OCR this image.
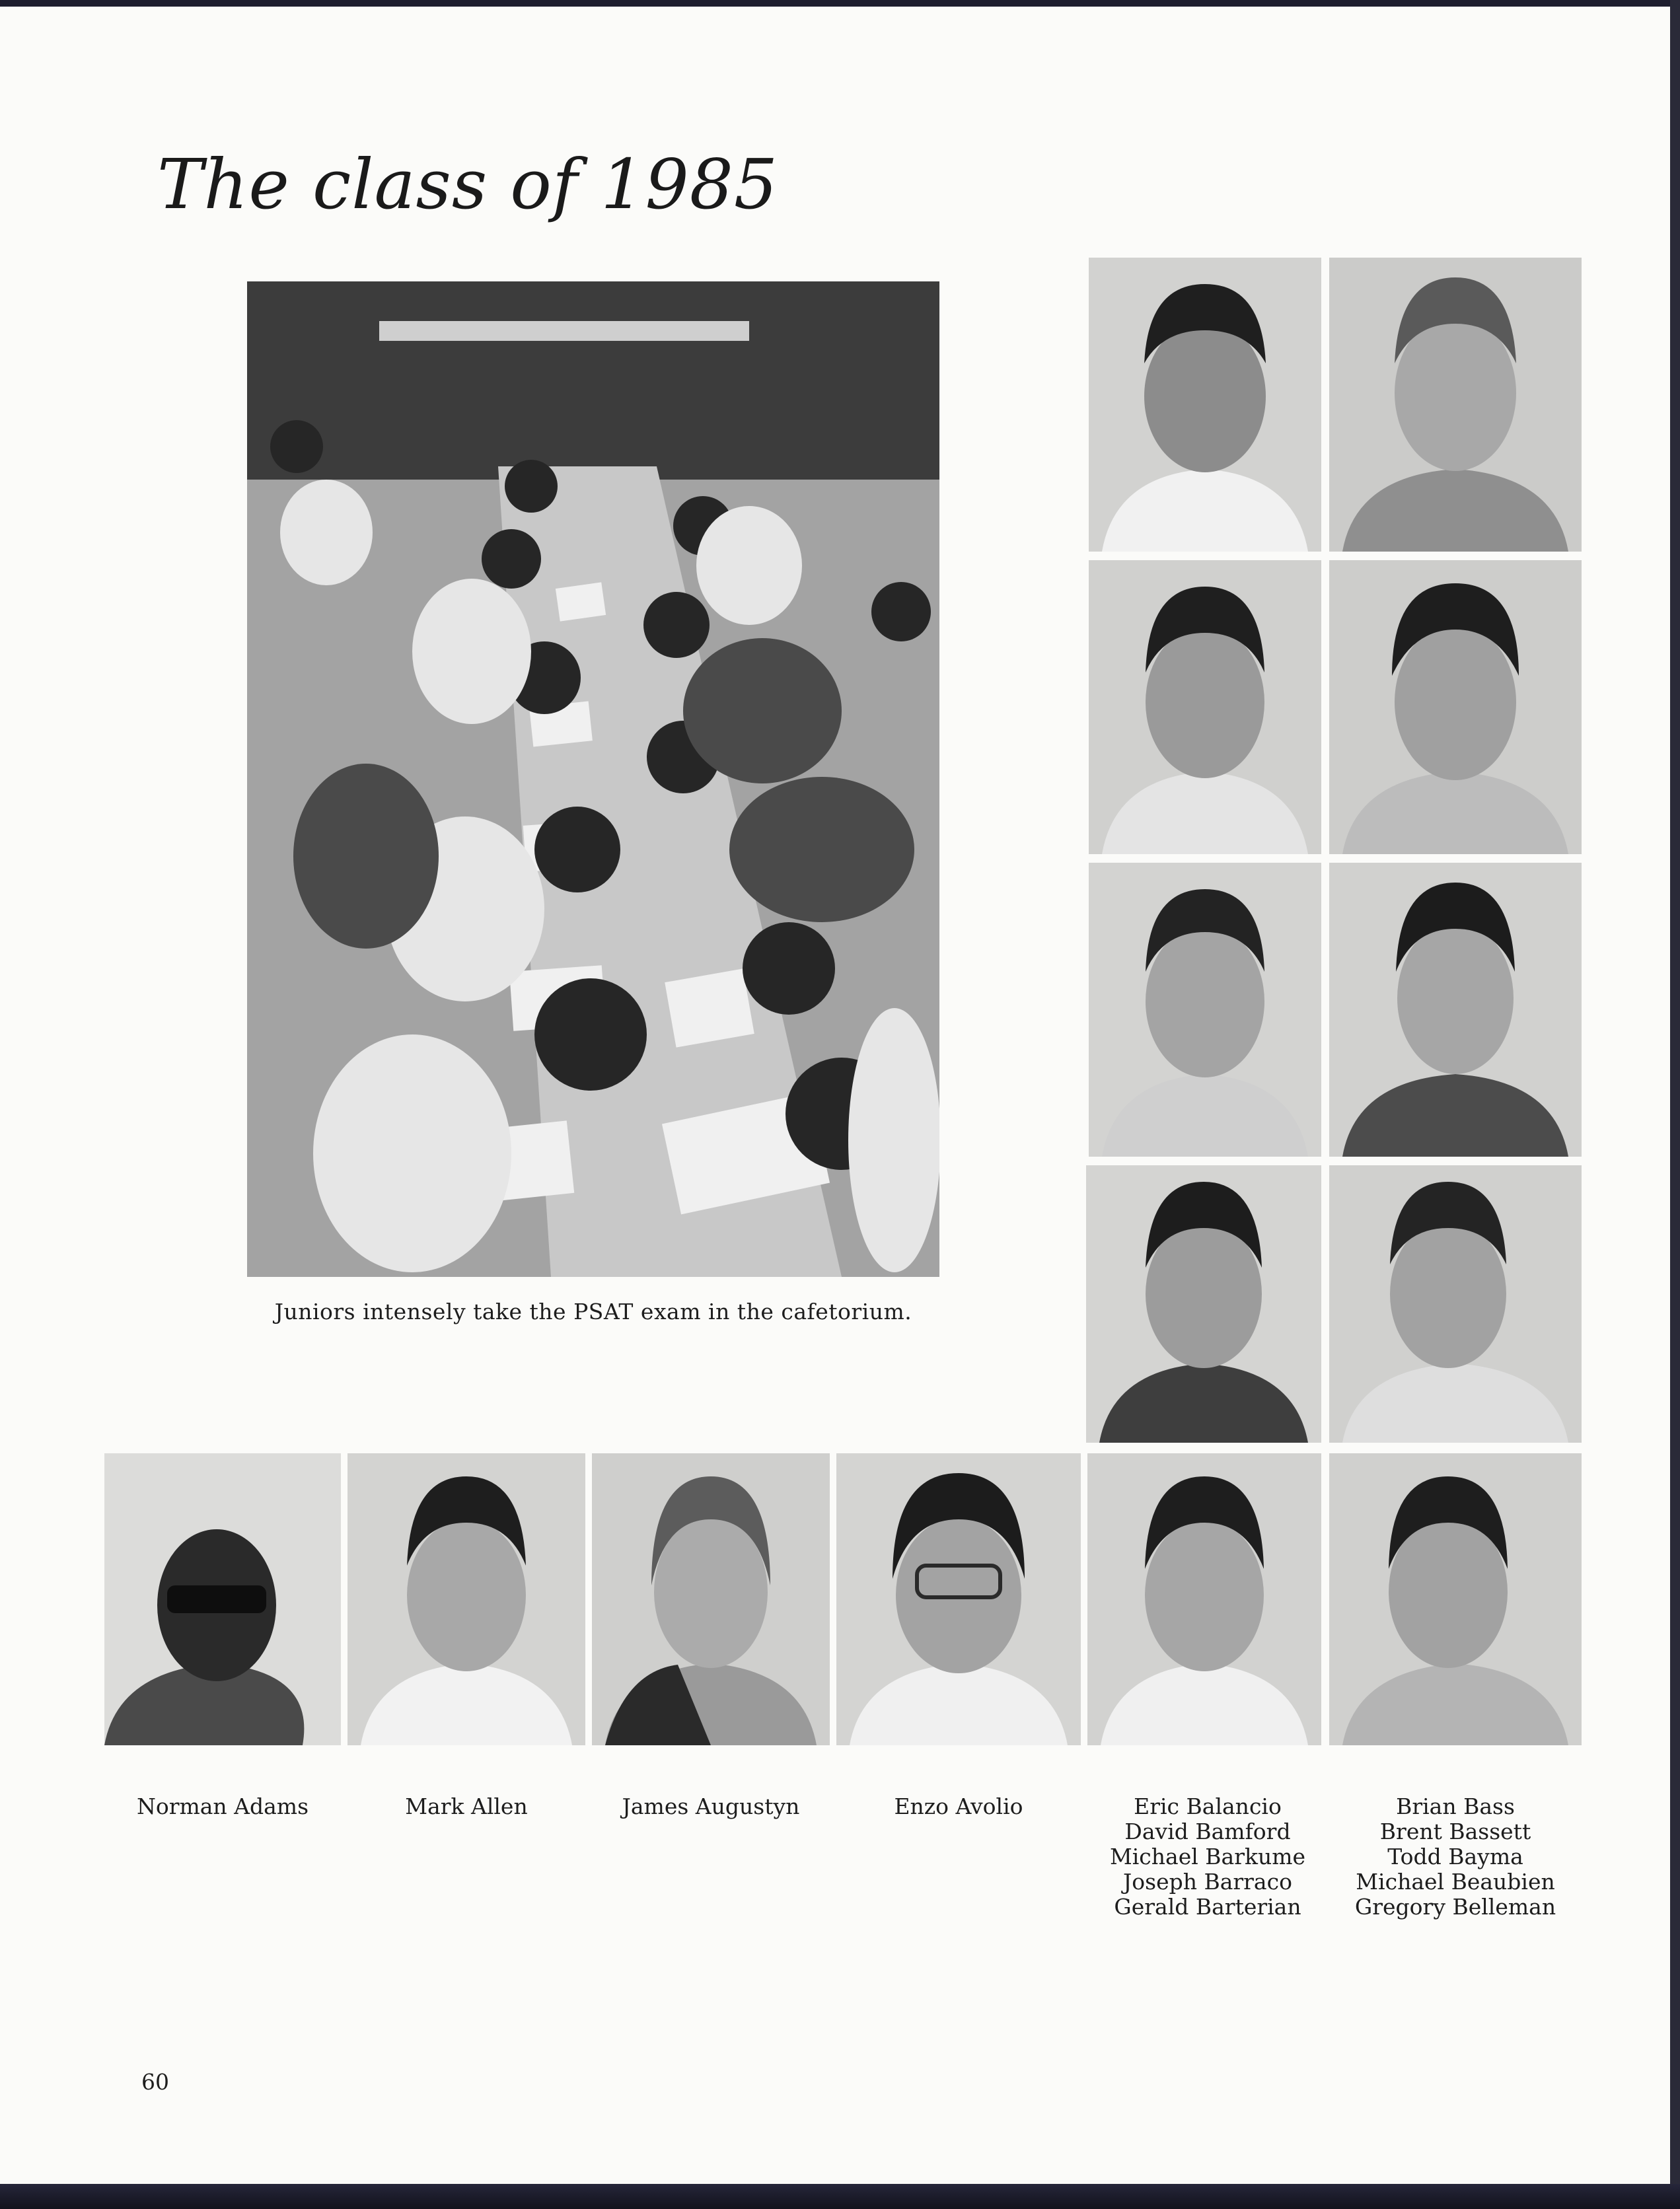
The class of 1985
Juniors intensely take the PSAT exam in the cafetorium.
Norman Adams	Mark Allen	James Augustyn	Enzo Avolio	Eric Balancio
David Bamford
Michael Barkume
Joseph Barraco
Gerald Barterian
Brian Bass
Brent Bassett
Todd Bayma
Michael Beaubien
Gregory Belleman
60
